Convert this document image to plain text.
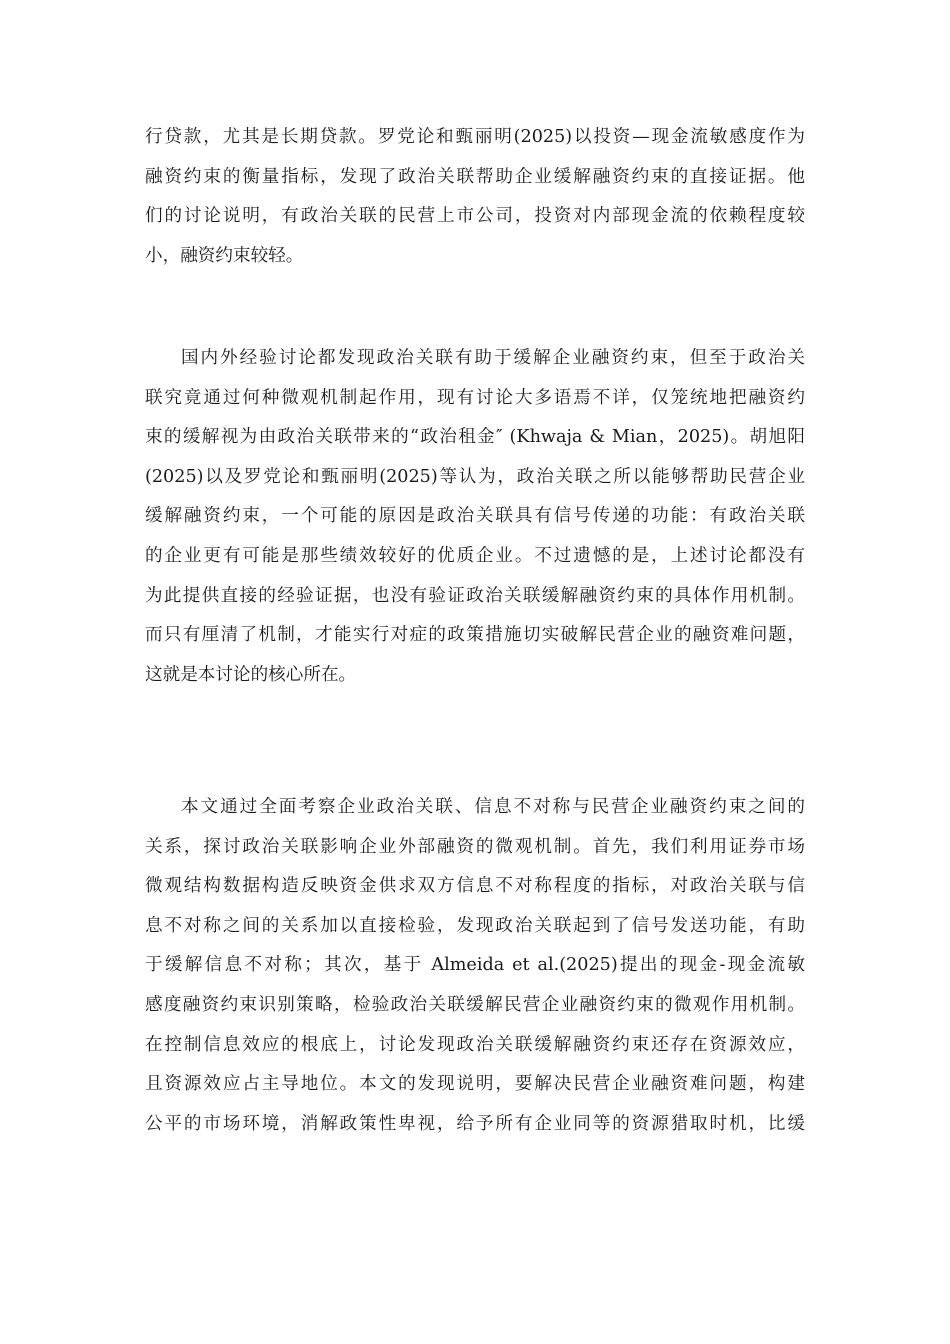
行贷款，尤其是长期贷款。罗党论和甄丽明(2025)以投资—现金流敏感度作为
融资约束的衡量指标，发现了政治关联帮助企业缓解融资约束的直接证据。他
们的讨论说明，有政治关联的民营上市公司，投资对内部现金流的依赖程度较
小，融资约束较轻。
国内外经验讨论都发现政治关联有助于缓解企业融资约束，但至于政治关
联究竟通过何种微观机制起作用，现有讨论大多语焉不详，仅笼统地把融资约
束的缓解视为由政治关联带来的“政治租金″ (Khwaja & Mian，2025)。胡旭阳
(2025)以及罗党论和甄丽明(2025)等认为，政治关联之所以能够帮助民营企业
缓解融资约束，一个可能的原因是政治关联具有信号传递的功能：有政治关联
的企业更有可能是那些绩效较好的优质企业。不过遗憾的是，上述讨论都没有
为此提供直接的经验证据，也没有验证政治关联缓解融资约束的具体作用机制。
而只有厘清了机制，才能实行对症的政策措施切实破解民营企业的融资难问题，
这就是本讨论的核心所在。
本文通过全面考察企业政治关联、信息不对称与民营企业融资约束之间的
关系，探讨政治关联影响企业外部融资的微观机制。首先，我们利用证券市场
微观结构数据构造反映资金供求双方信息不对称程度的指标，对政治关联与信
息不对称之间的关系加以直接检验，发现政治关联起到了信号发送功能，有助
于缓解信息不对称；其次，基于 Almeida et al.(2025)提出的现金-现金流敏
感度融资约束识别策略，检验政治关联缓解民营企业融资约束的微观作用机制。
在控制信息效应的根底上，讨论发现政治关联缓解融资约束还存在资源效应，
且资源效应占主导地位。本文的发现说明，要解决民营企业融资难问题，构建
公平的市场环境，消解政策性卑视，给予所有企业同等的资源猎取时机，比缓
